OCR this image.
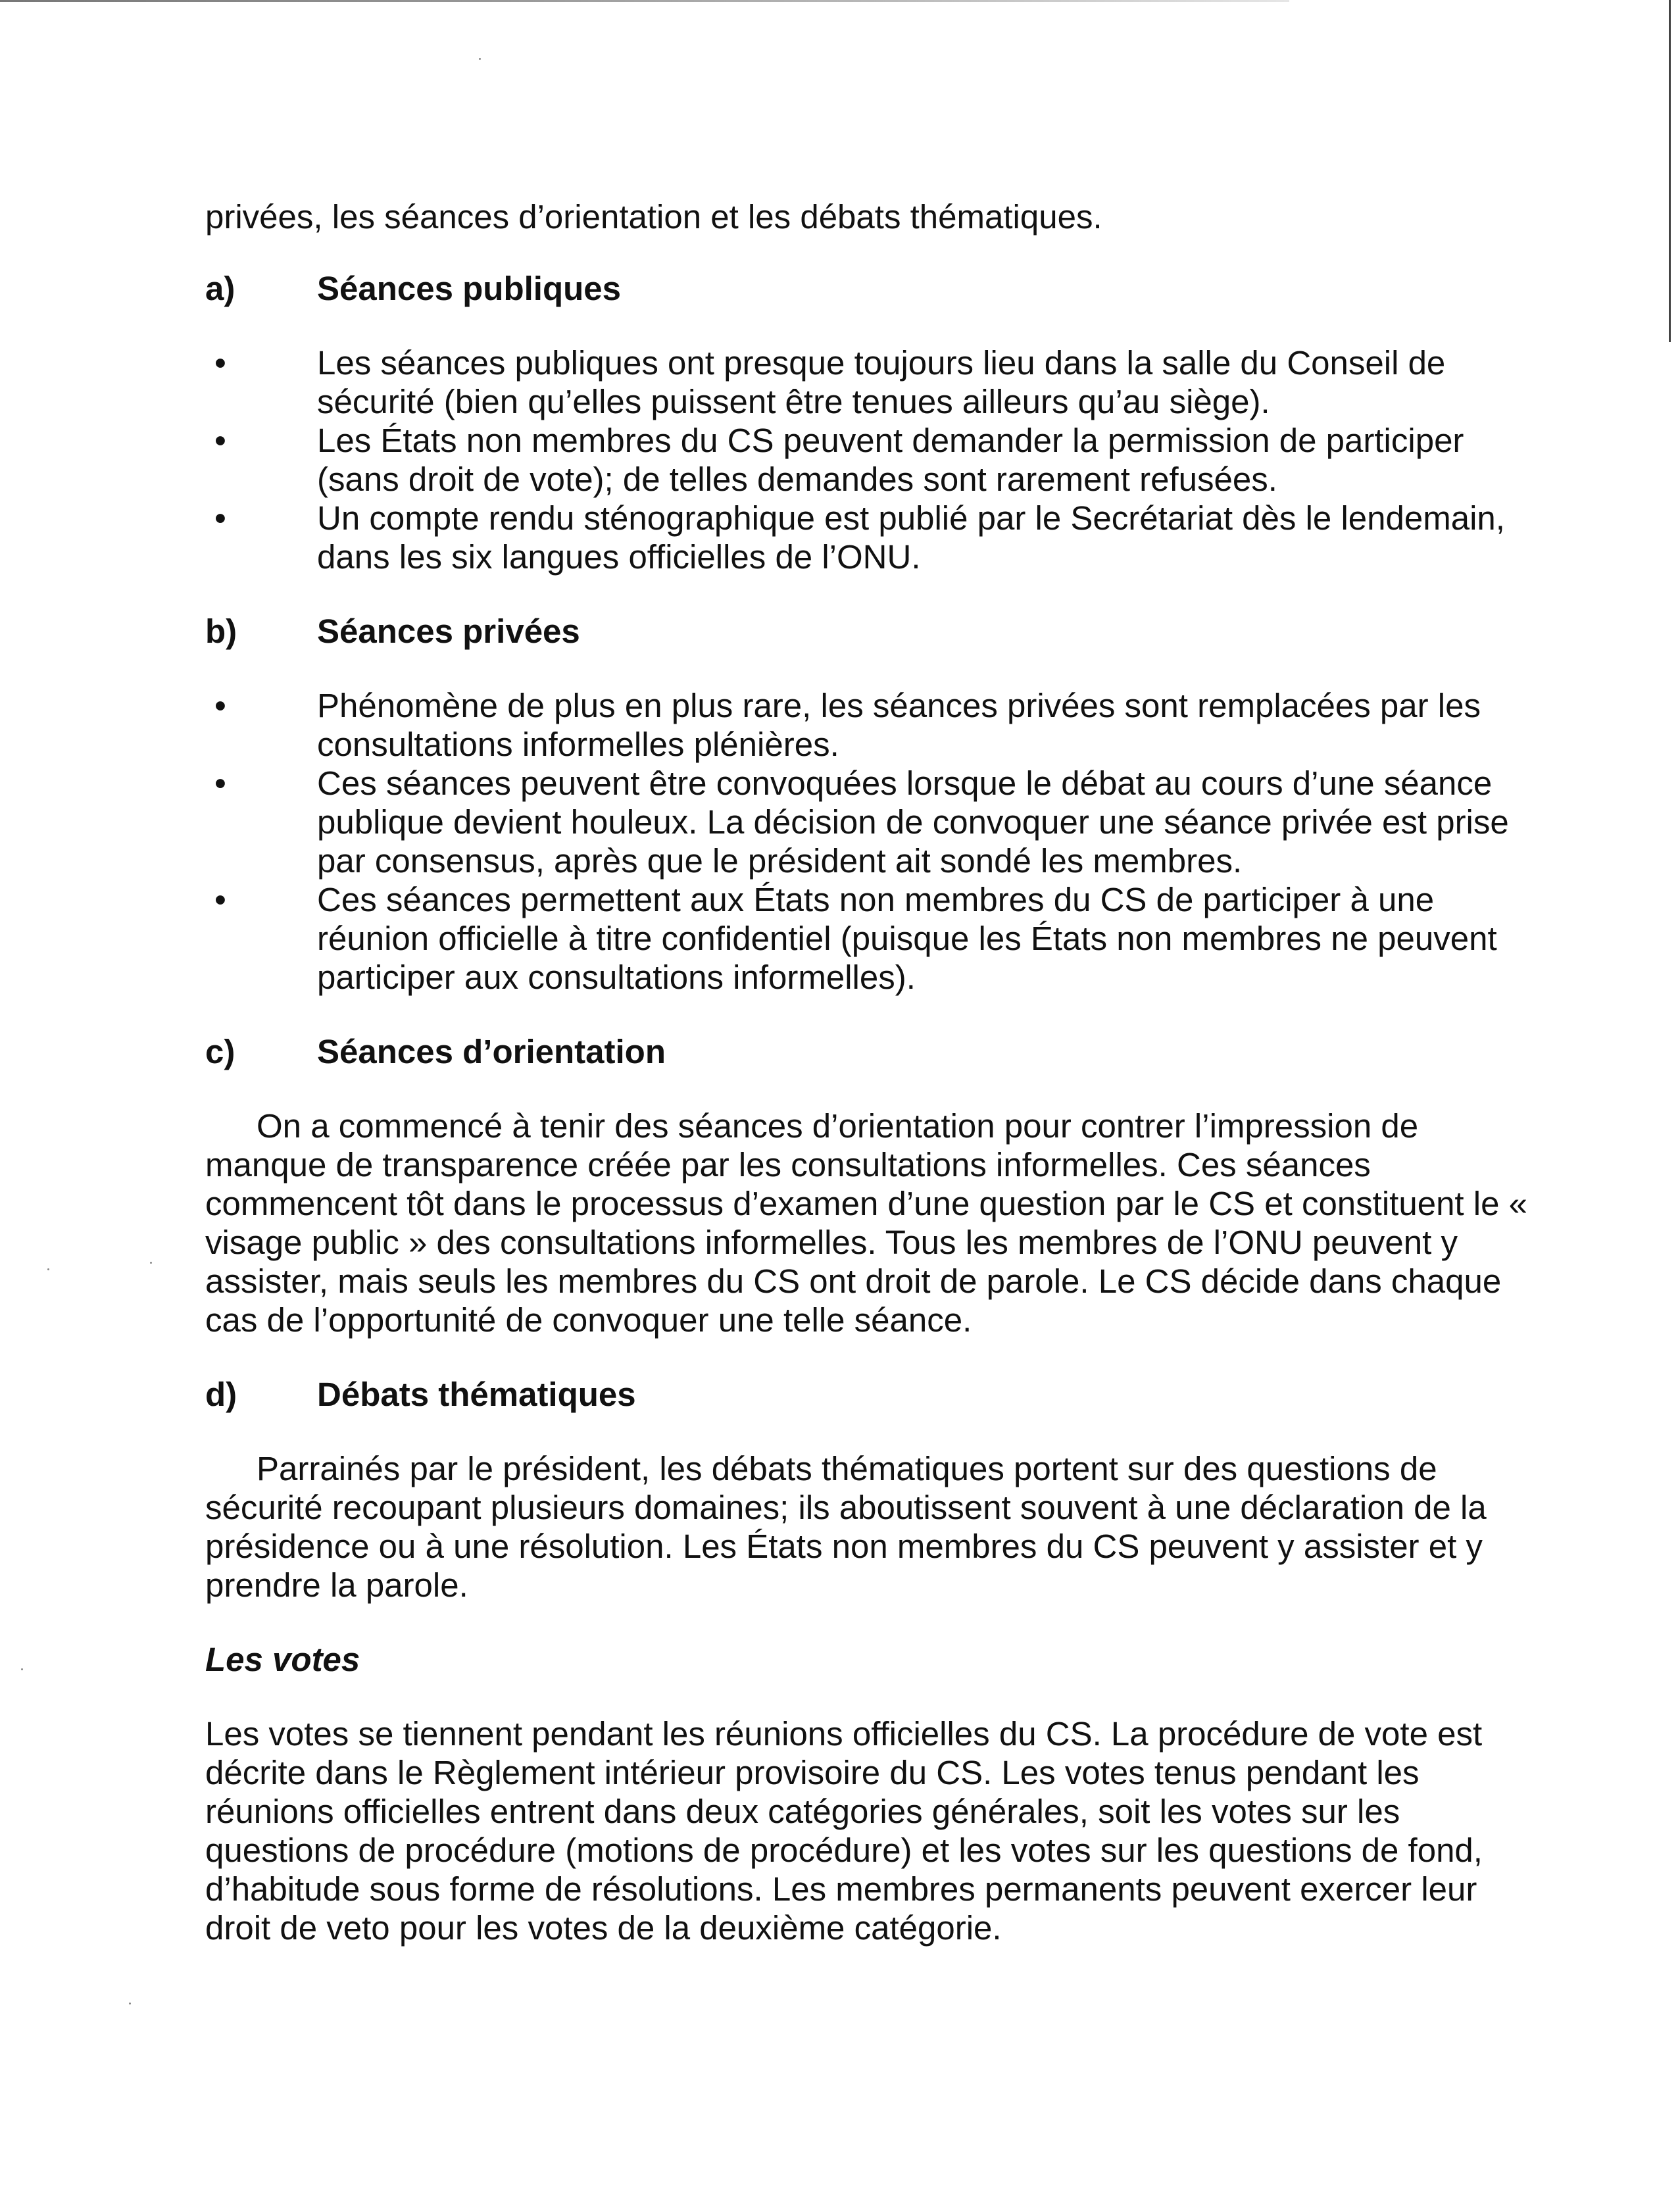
privées, les séances d’orientation et les débats thématiques.

a)	Séances publiques
•	Les séances publiques ont presque toujours lieu dans la salle du Conseil de sécurité (bien qu’elles puissent être tenues ailleurs qu’au siège).
•	Les États non membres du CS peuvent demander la permission de participer (sans droit de vote); de telles demandes sont rarement refusées.
•	Un compte rendu sténographique est publié par le Secrétariat dès le lendemain, dans les six langues officielles de l’ONU.
b)	Séances privées
•	Phénomène de plus en plus rare, les séances privées sont remplacées par les consultations informelles plénières.
•	Ces séances peuvent être convoquées lorsque le débat au cours d’une séance publique devient houleux. La décision de convoquer une séance privée est prise par consensus, après que le président ait sondé les membres.
•	Ces séances permettent aux États non membres du CS de participer à une réunion officielle à titre confidentiel (puisque les États non membres ne peuvent participer aux consultations informelles).
c)	Séances d’orientation

On a commencé à tenir des séances d’orientation pour contrer l’impression de manque de transparence créée par les consultations informelles. Ces séances commencent tôt dans le processus d’examen d’une question par le CS et constituent le « visage public » des consultations informelles. Tous les membres de l’ONU peuvent y assister, mais seuls les membres du CS ont droit de parole. Le CS décide dans chaque cas de l’opportunité de convoquer une telle séance.

d)	Débats thématiques

Parrainés par le président, les débats thématiques portent sur des questions de sécurité recoupant plusieurs domaines; ils aboutissent souvent à une déclaration de la présidence ou à une résolution. Les États non membres du CS peuvent y assister et y prendre la parole.

Les votes

Les votes se tiennent pendant les réunions officielles du CS. La procédure de vote est décrite dans le Règlement intérieur provisoire du CS. Les votes tenus pendant les réunions officielles entrent dans deux catégories générales, soit les votes sur les questions de procédure (motions de procédure) et les votes sur les questions de fond, d’habitude sous forme de résolutions. Les membres permanents peuvent exercer leur droit de veto pour les votes de la deuxième catégorie.
